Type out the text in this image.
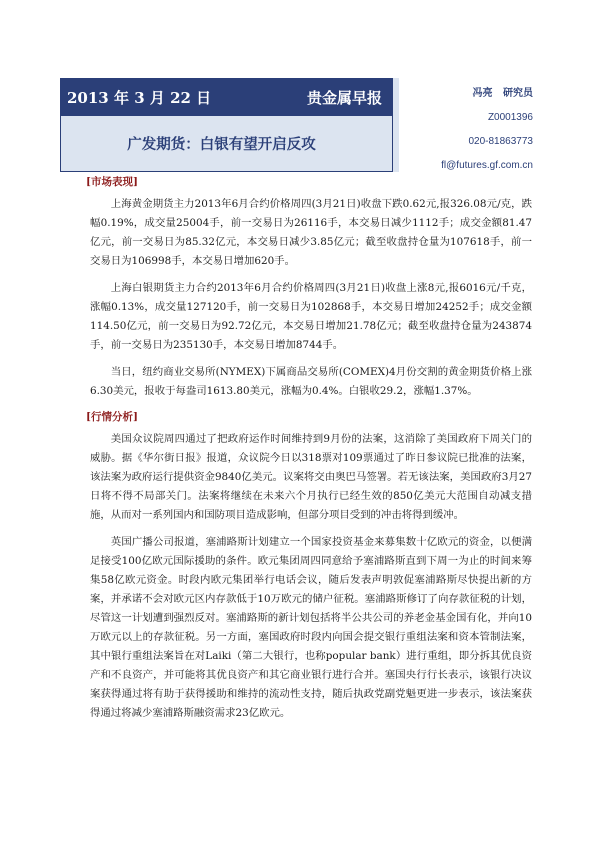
2013 年 3 月 22 日	贵金属早报
广发期货：白银有望开启反攻
冯亮 研究员
Z0001396
020-81863773
fl@futures.gf.com.cn
[市场表现]

上海黄金期货主力2013年6月合约价格周四(3月21日)收盘下跌0.62元,报326.08元/克，跌幅0.19%，成交量25004手，前一交易日为26116手，本交易日减少1112手；成交金额81.47亿元，前一交易日为85.32亿元，本交易日减少3.85亿元；截至收盘持仓量为107618手，前一交易日为106998手，本交易日增加620手。

上海白银期货主力合约2013年6月合约价格周四(3月21日)收盘上涨8元,报6016元/千克，涨幅0.13%，成交量127120手，前一交易日为102868手，本交易日增加24252手；成交金额114.50亿元，前一交易日为92.72亿元，本交易日增加21.78亿元；截至收盘持仓量为243874手，前一交易日为235130手，本交易日增加8744手。

当日，纽约商业交易所(NYMEX)下属商品交易所(COMEX)4月份交割的黄金期货价格上涨6.30美元，报收于每盎司1613.80美元，涨幅为0.4%。白银收29.2，涨幅1.37%。

[行情分析]

美国众议院周四通过了把政府运作时间维持到9月份的法案，这消除了美国政府下周关门的威胁。据《华尔街日报》报道，众议院今日以318票对109票通过了昨日参议院已批准的法案，该法案为政府运行提供资金9840亿美元。议案将交由奥巴马签署。若无该法案，美国政府3月27日将不得不局部关门。法案将继续在未来六个月执行已经生效的850亿美元大范围自动减支措施，从而对一系列国内和国防项目造成影响，但部分项目受到的冲击将得到缓冲。

英国广播公司报道，塞浦路斯计划建立一个国家投资基金来募集数十亿欧元的资金，以便满足接受100亿欧元国际援助的条件。欧元集团周四同意给予塞浦路斯直到下周一为止的时间来筹集58亿欧元资金。时段内欧元集团举行电话会议，随后发表声明敦促塞浦路斯尽快提出新的方案，并承诺不会对欧元区内存款低于10万欧元的储户征税。塞浦路斯修订了向存款征税的计划，尽管这一计划遭到强烈反对。塞浦路斯的新计划包括将半公共公司的养老金基金国有化，并向10万欧元以上的存款征税。另一方面，塞国政府时段内向国会提交银行重组法案和资本管制法案，其中银行重组法案旨在对Laiki（第二大银行，也称popular bank）进行重组，即分拆其优良资产和不良资产，并可能将其优良资产和其它商业银行进行合并。塞国央行行长表示，该银行决议案获得通过将有助于获得援助和维持的流动性支持，随后执政党副党魁更进一步表示，该法案获得通过将减少塞浦路斯融资需求23亿欧元。
